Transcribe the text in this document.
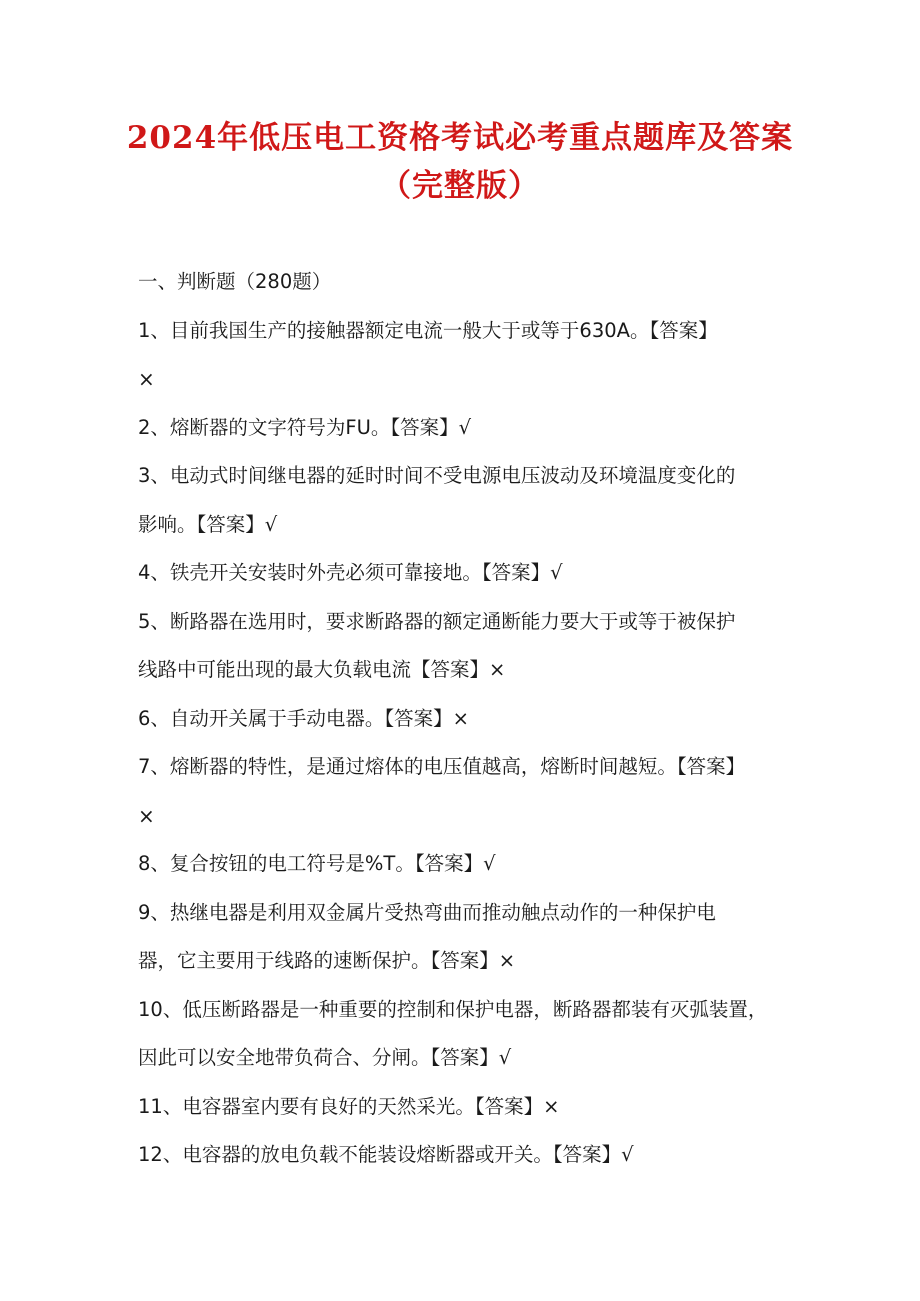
2024年低压电工资格考试必考重点题库及答案
（完整版）
一、判断题（280题）
1、目前我国生产的接触器额定电流一般大于或等于630A。【答案】
×
2、熔断器的文字符号为FU。【答案】√
3、电动式时间继电器的延时时间不受电源电压波动及环境温度变化的
影响。【答案】√
4、铁壳开关安装时外壳必须可靠接地。【答案】√
5、断路器在选用时，要求断路器的额定通断能力要大于或等于被保护
线路中可能出现的最大负载电流【答案】×
6、自动开关属于手动电器。【答案】×
7、熔断器的特性，是通过熔体的电压值越高，熔断时间越短。【答案】
×
8、复合按钮的电工符号是%T。【答案】√
9、热继电器是利用双金属片受热弯曲而推动触点动作的一种保护电
器，它主要用于线路的速断保护。【答案】×
10、低压断路器是一种重要的控制和保护电器，断路器都装有灭弧装置，
因此可以安全地带负荷合、分闸。【答案】√
11、电容器室内要有良好的天然采光。【答案】×
12、电容器的放电负载不能装设熔断器或开关。【答案】√
